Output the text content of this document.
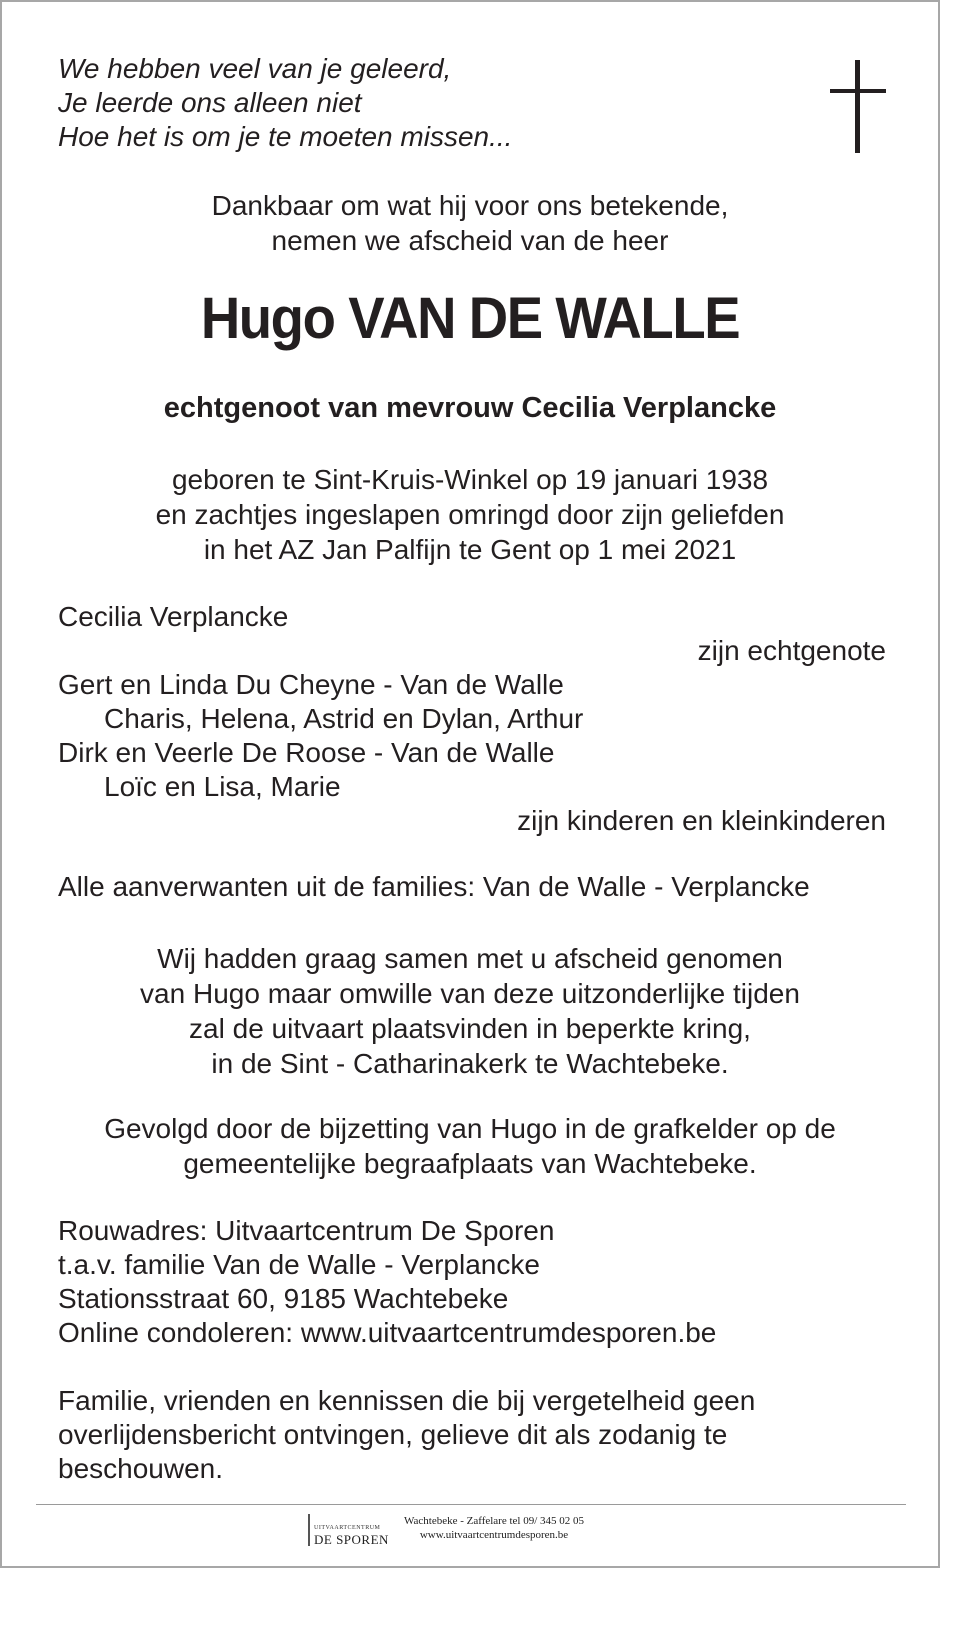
We hebben veel van je geleerd,
Je leerde ons alleen niet
Hoe het is om je te moeten missen...
Dankbaar om wat hij voor ons betekende,
nemen we afscheid van de heer
Hugo VAN DE WALLE
echtgenoot van mevrouw Cecilia Verplancke
geboren te Sint-Kruis-Winkel op 19 januari 1938
en zachtjes ingeslapen omringd door zijn geliefden
in het AZ Jan Palfijn te Gent op 1 mei 2021
Cecilia Verplancke
zijn echtgenote
Gert en Linda Du Cheyne - Van de Walle
Charis, Helena, Astrid en Dylan, Arthur
Dirk en Veerle De Roose - Van de Walle
Loïc en Lisa, Marie
zijn kinderen en kleinkinderen
Alle aanverwanten uit de families: Van de Walle - Verplancke
Wij hadden graag samen met u afscheid genomen
van Hugo maar omwille van deze uitzonderlijke tijden
zal de uitvaart plaatsvinden in beperkte kring,
in de Sint - Catharinakerk te Wachtebeke.
Gevolgd door de bijzetting van Hugo in de grafkelder op de
gemeentelijke begraafplaats van Wachtebeke.
Rouwadres: Uitvaartcentrum De Sporen
t.a.v. familie Van de Walle - Verplancke
Stationsstraat 60, 9185 Wachtebeke
Online condoleren: www.uitvaartcentrumdesporen.be
Familie, vrienden en kennissen die bij vergetelheid geen
overlijdensbericht ontvingen, gelieve dit als zodanig te
beschouwen.
UITVAARTCENTRUM
DE SPOREN
Wachtebeke - Zaffelare tel 09/ 345 02 05
www.uitvaartcentrumdesporen.be
